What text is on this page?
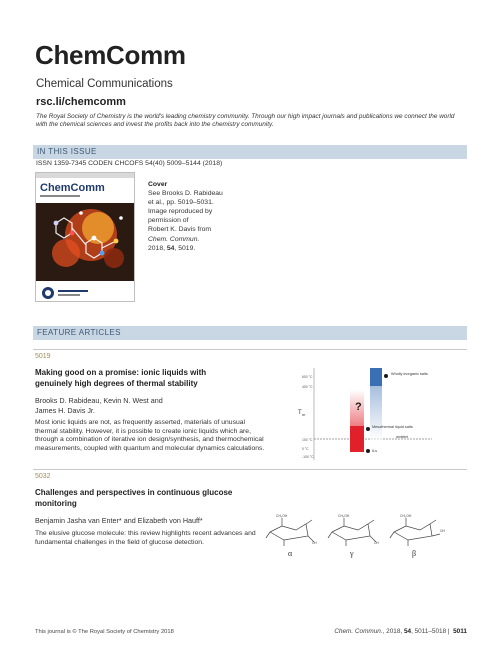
ChemComm
Chemical Communications
rsc.li/chemcomm
The Royal Society of Chemistry is the world's leading chemistry community. Through our high impact journals and publications we connect the world with the chemical sciences and invest the profits back into the chemistry community.
IN THIS ISSUE
ISSN 1359-7345 CODEN CHCOFS 54(40) 5009–5144 (2018)
ChemComm	Cover
See Brooks D. Rabideau
et al., pp. 5019–5031.
Image reproduced by
permission of
Robert K. Davis from
Chem. Commun.
2018, 54, 5019.
FEATURE ARTICLES
5019
Making good on a promise: ionic liquids with
genuinely high degrees of thermal stability
Brooks D. Rabideau, Kevin N. West and
James H. Davis Jr.
Most ionic liquids are not, as frequently asserted, materials of unusual thermal stability. However, it is possible to create ionic liquids which are, through a combination of iterative ion design/synthesis, and thermochemical measurements, coupled with quantum and molecular dynamics calculations.
T m
600 °C
400 °C
100 °C
0 °C
-100 °C
ambient
?
Wholly inorganic salts
Mesothermal liquid salts
ILs
5032
Challenges and perspectives in continuous glucose
monitoring
Benjamin Jasha van Enter* and Elizabeth von Hauff*
The elusive glucose molecule: this review highlights recent advances and fundamental challenges in the field of glucose detection.
CH₂OH
OH
α
CH₂OH
OH
γ
CH₂OH
OH
β
This journal is © The Royal Society of Chemistry 2018	Chem. Commun., 2018, 54, 5011–5018 | 5011
